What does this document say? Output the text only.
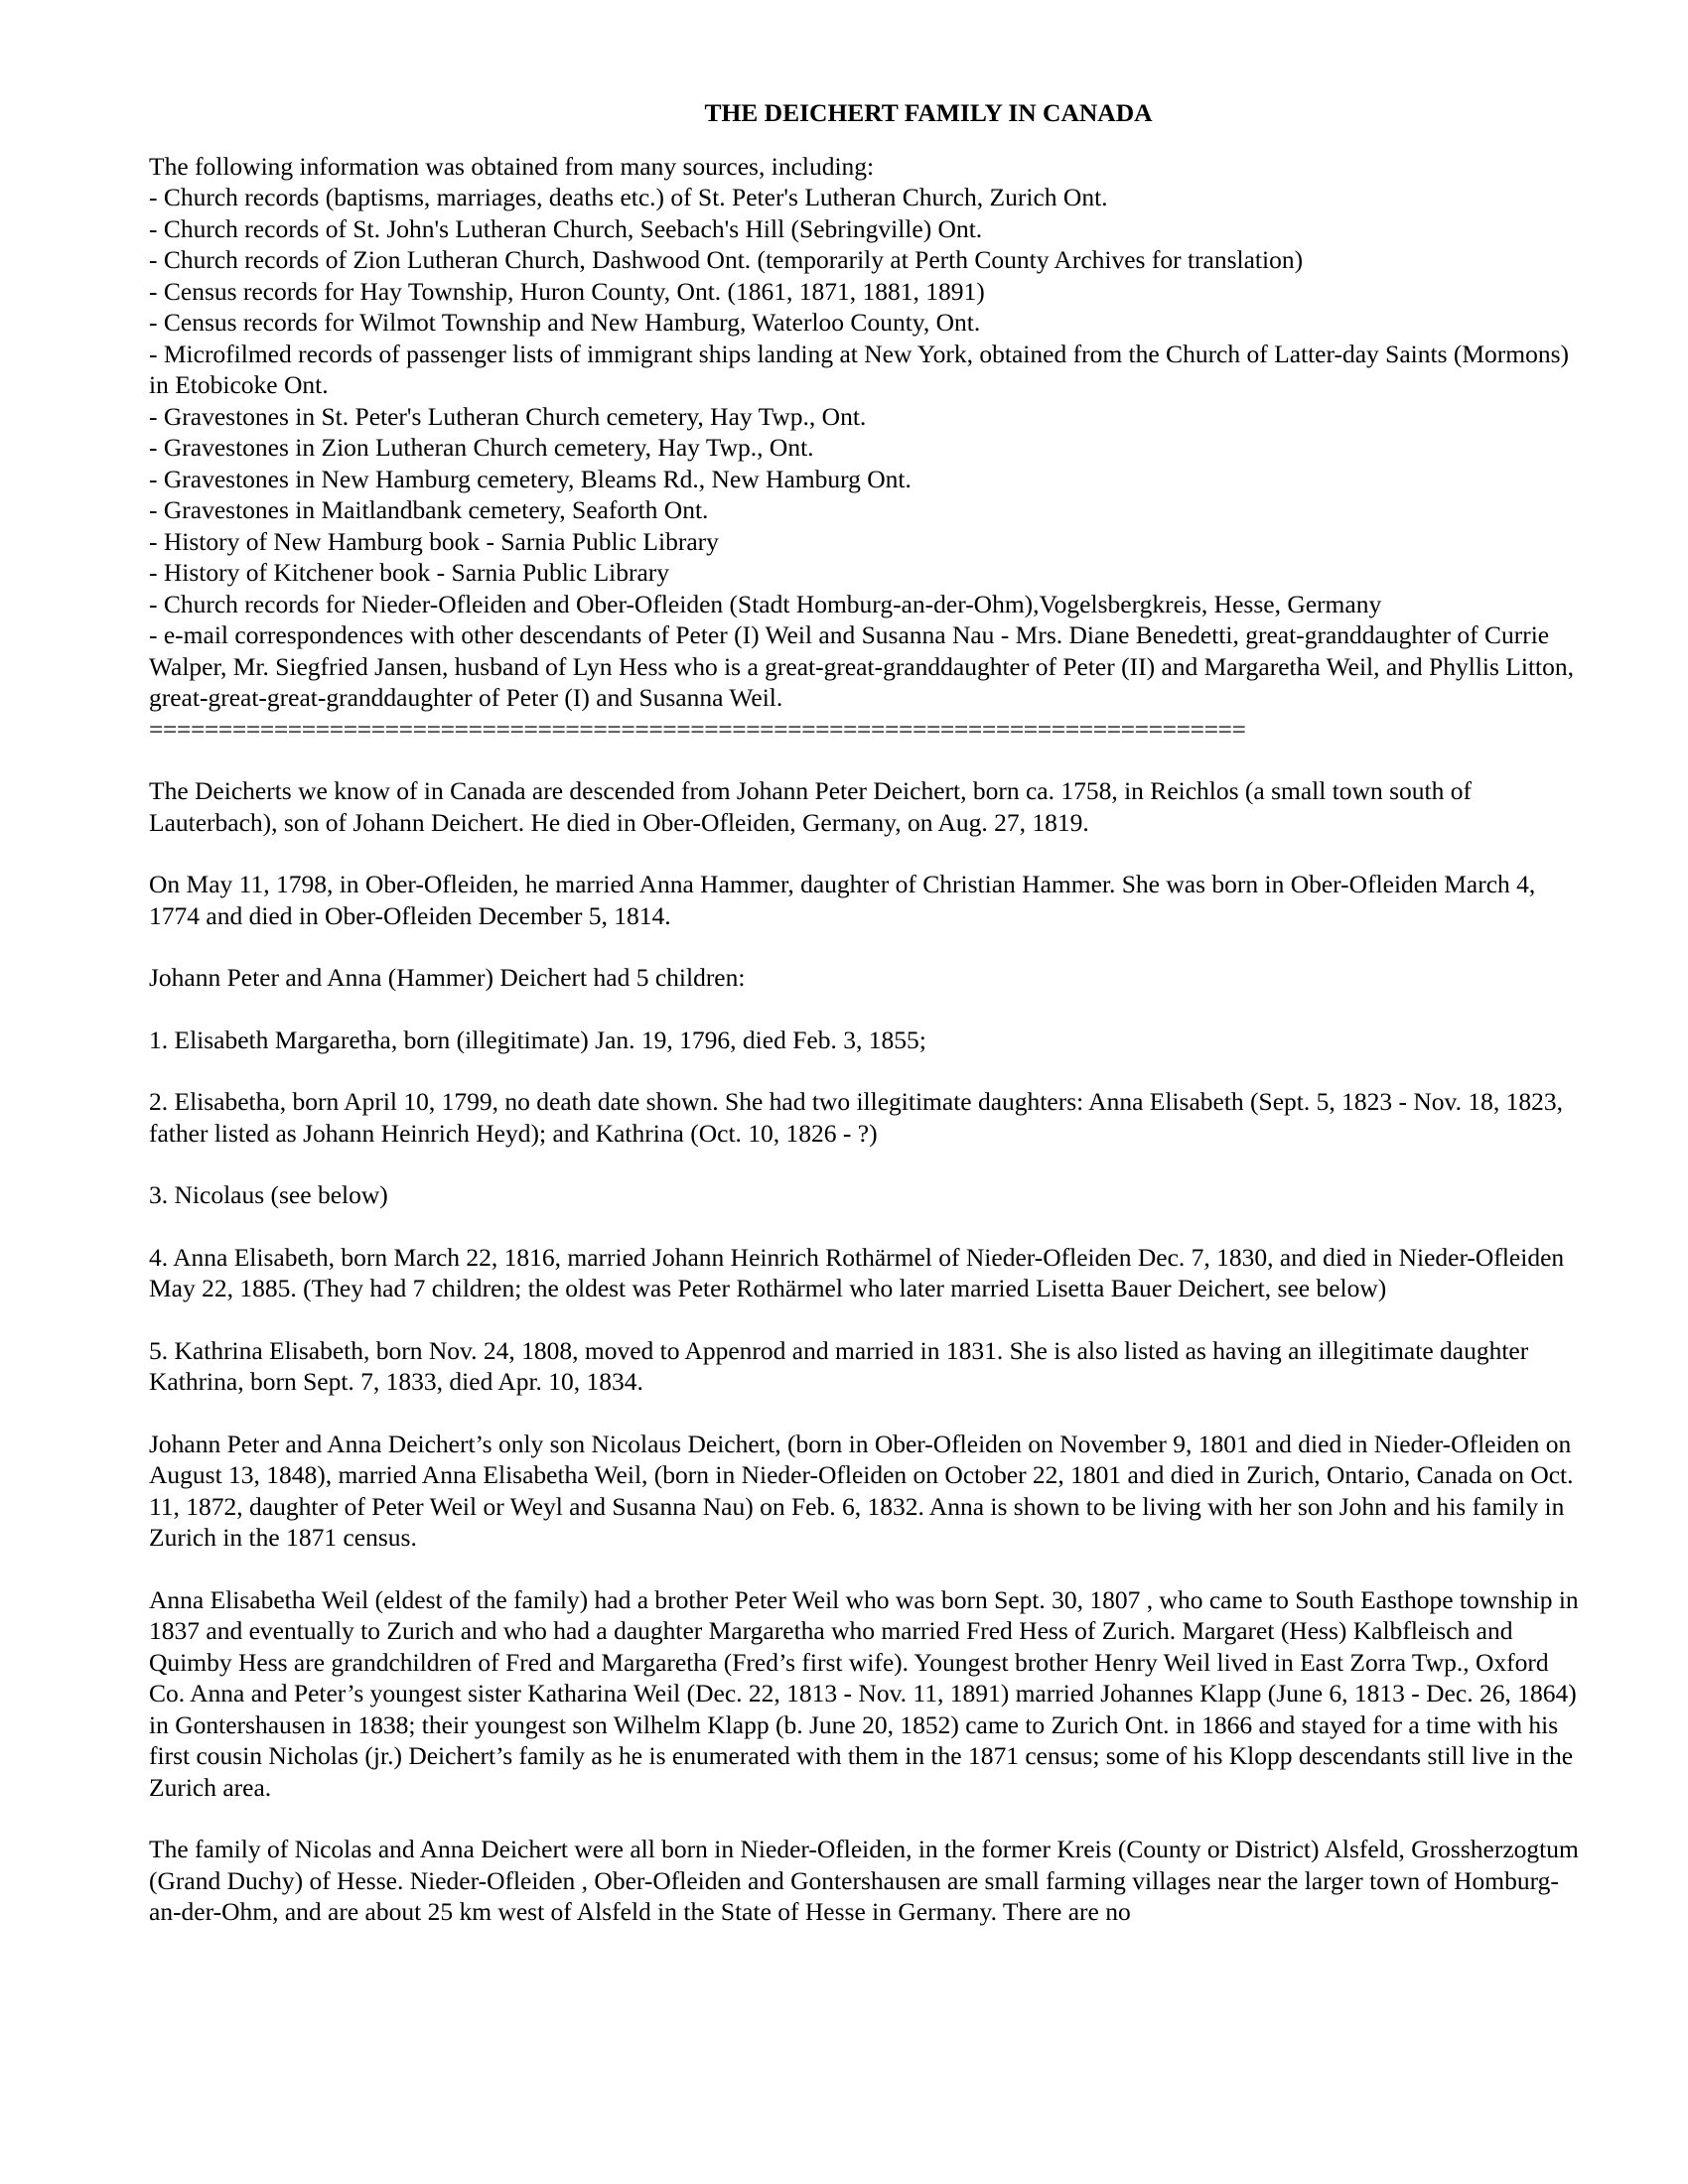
THE DEICHERT FAMILY IN CANADA

The following information was obtained from many sources, including:

- Church records (baptisms, marriages, deaths etc.) of St. Peter's Lutheran Church, Zurich Ont.
- Church records of St. John's Lutheran Church, Seebach's Hill (Sebringville) Ont.
- Church records of Zion Lutheran Church, Dashwood Ont. (temporarily at Perth County Archives for translation)
- Census records for Hay Township, Huron County, Ont. (1861, 1871, 1881, 1891)
- Census records for Wilmot Township and New Hamburg, Waterloo County, Ont.
- Microfilmed records of passenger lists of immigrant ships landing at New York, obtained from the Church of Latter-day Saints (Mormons) in Etobicoke Ont.
- Gravestones in St. Peter's Lutheran Church cemetery, Hay Twp., Ont.
- Gravestones in Zion Lutheran Church cemetery, Hay Twp., Ont.
- Gravestones in New Hamburg cemetery, Bleams Rd., New Hamburg Ont.
- Gravestones in Maitlandbank cemetery, Seaforth Ont.
- History of New Hamburg book - Sarnia Public Library
- History of Kitchener book - Sarnia Public Library
- Church records for Nieder-Ofleiden and Ober-Ofleiden (Stadt Homburg-an-der-Ohm),Vogelsbergkreis, Hesse, Germany
- e-mail correspondences with other descendants of Peter (I) Weil and Susanna Nau - Mrs. Diane Benedetti, great-granddaughter of Currie Walper, Mr. Siegfried Jansen, husband of Lyn Hess who is a great-great-granddaughter of Peter (II) and Margaretha Weil, and Phyllis Litton, great-great-great-granddaughter of Peter (I) and Susanna Weil.
===============================================================================

The Deicherts we know of in Canada are descended from Johann Peter Deichert, born ca. 1758, in Reichlos (a small town south of Lauterbach), son of Johann Deichert. He died in Ober-Ofleiden, Germany, on Aug. 27, 1819.

On May 11, 1798, in Ober-Ofleiden, he married Anna Hammer, daughter of Christian Hammer. She was born in Ober-Ofleiden March 4, 1774 and died in Ober-Ofleiden December 5, 1814.

Johann Peter and Anna (Hammer) Deichert had 5 children:

1. Elisabeth Margaretha, born (illegitimate) Jan. 19, 1796, died Feb. 3, 1855;
2. Elisabetha, born April 10, 1799, no death date shown. She had two illegitimate daughters: Anna Elisabeth (Sept. 5, 1823 - Nov. 18, 1823, father listed as Johann Heinrich Heyd); and Kathrina (Oct. 10, 1826 - ?)
3. Nicolaus (see below)
4. Anna Elisabeth, born March 22, 1816, married Johann Heinrich Rothärmel of Nieder-Ofleiden Dec. 7, 1830, and died in Nieder-Ofleiden May 22, 1885. (They had 7 children; the oldest was Peter Rothärmel who later married Lisetta Bauer Deichert, see below)
5. Kathrina Elisabeth, born Nov. 24, 1808, moved to Appenrod and married in 1831. She is also listed as having an illegitimate daughter Kathrina, born Sept. 7, 1833, died Apr. 10, 1834.

Johann Peter and Anna Deichert’s only son Nicolaus Deichert, (born in Ober-Ofleiden on November 9, 1801 and died in Nieder-Ofleiden on August 13, 1848), married Anna Elisabetha Weil, (born in Nieder-Ofleiden on October 22, 1801 and died in Zurich, Ontario, Canada on Oct. 11, 1872, daughter of Peter Weil or Weyl and Susanna Nau) on Feb. 6, 1832. Anna is shown to be living with her son John and his family in Zurich in the 1871 census.

Anna Elisabetha Weil (eldest of the family) had a brother Peter Weil who was born Sept. 30, 1807 , who came to South Easthope township in 1837 and eventually to Zurich and who had a daughter Margaretha who married Fred Hess of Zurich. Margaret (Hess) Kalbfleisch and Quimby Hess are grandchildren of Fred and Margaretha (Fred’s first wife). Youngest brother Henry Weil lived in East Zorra Twp., Oxford Co. Anna and Peter’s youngest sister Katharina Weil (Dec. 22, 1813 - Nov. 11, 1891) married Johannes Klapp (June 6, 1813 - Dec. 26, 1864) in Gontershausen in 1838; their youngest son Wilhelm Klapp (b. June 20, 1852) came to Zurich Ont. in 1866 and stayed for a time with his first cousin Nicholas (jr.) Deichert’s family as he is enumerated with them in the 1871 census; some of his Klopp descendants still live in the Zurich area.

The family of Nicolas and Anna Deichert were all born in Nieder-Ofleiden, in the former Kreis (County or District) Alsfeld, Grossherzogtum (Grand Duchy) of Hesse. Nieder-Ofleiden , Ober-Ofleiden and Gontershausen are small farming villages near the larger town of Homburg-an-der-Ohm, and are about 25 km west of Alsfeld in the State of Hesse in Germany. There are no
